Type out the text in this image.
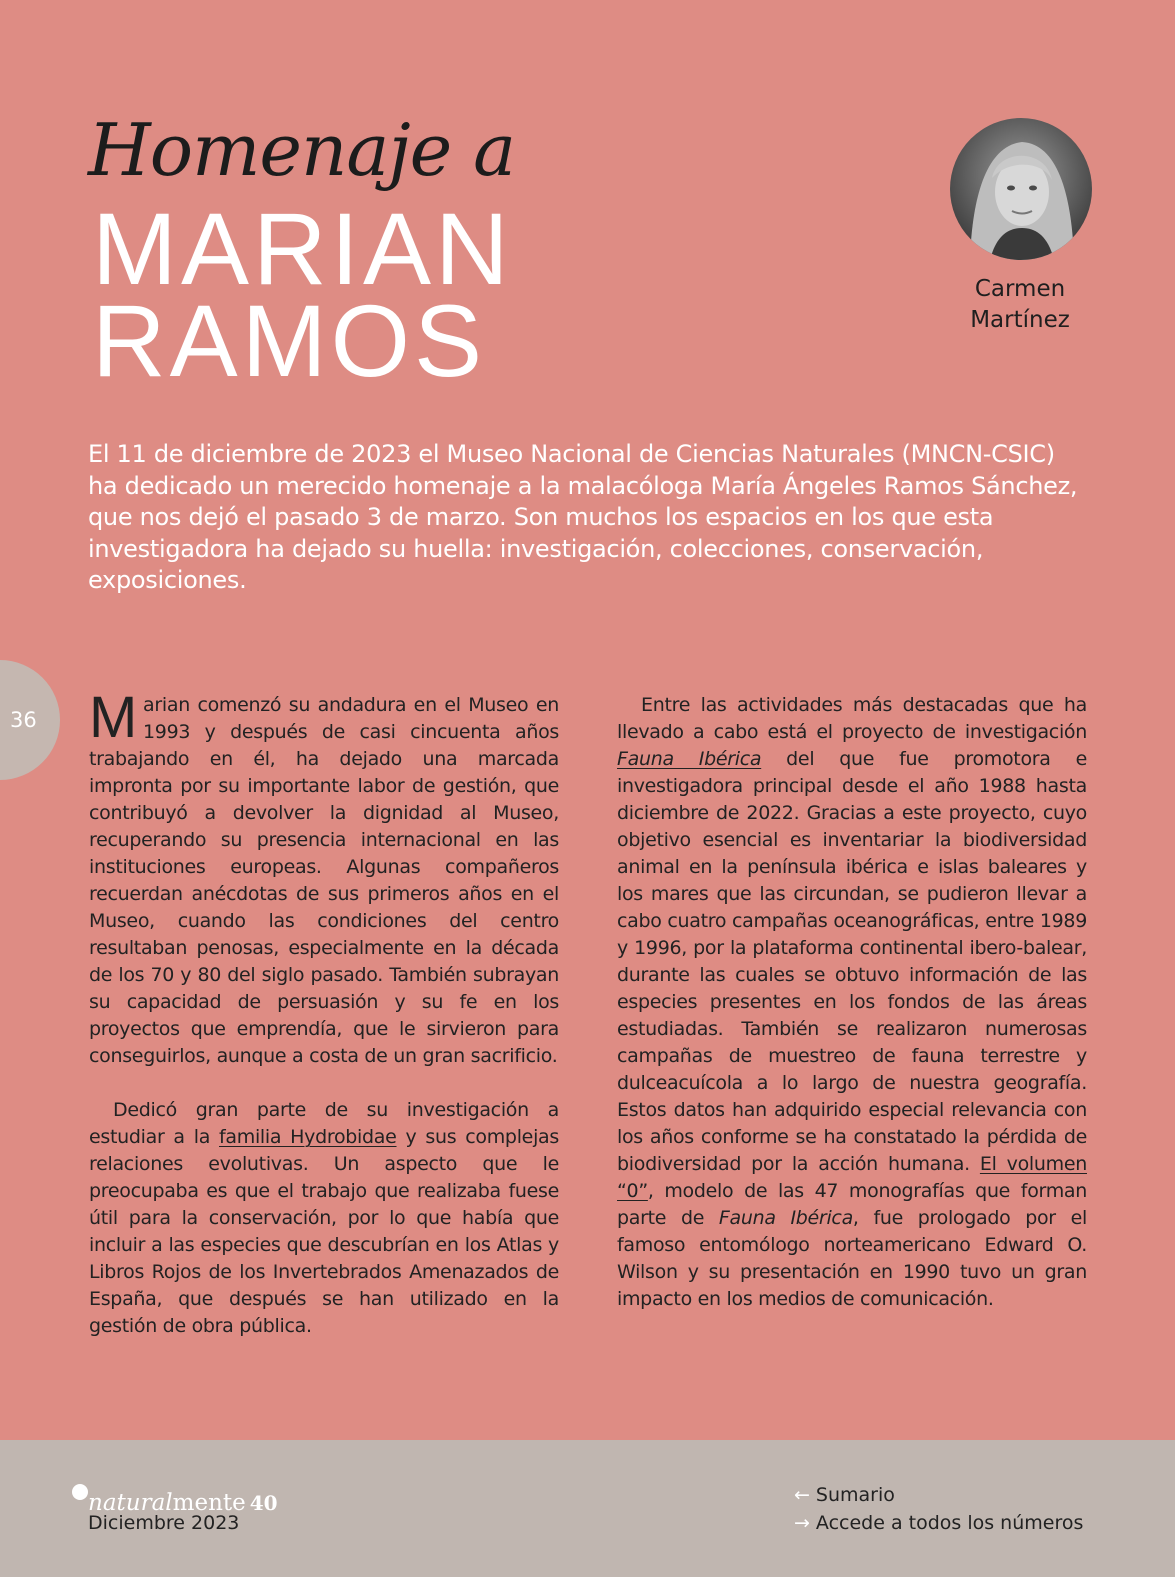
Homenaje a
MARIAN
RAMOS	Carmen
Martínez
El 11 de diciembre de 2023 el Museo Nacional de Ciencias Naturales (MNCN-CSIC) ha dedicado un merecido homenaje a la malacóloga María Ángeles Ramos Sánchez, que nos dejó el pasado 3 de marzo. Son muchos los espacios en los que esta investigadora ha dejado su huella: investigación, colecciones, conservación, exposiciones.
36 Marian comenzó su andadura en el Museo en 1993 y después de casi cincuenta años trabajando en él, ha dejado una marcada impronta por su importante labor de gestión, que contribuyó a devolver la dignidad al Museo, recuperando su presencia internacional en las instituciones europeas. Algunas compañeros recuerdan anécdotas de sus primeros años en el Museo, cuando las condiciones del centro resultaban penosas, especialmente en la década de los 70 y 80 del siglo pasado. También subrayan su capacidad de persuasión y su fe en los proyectos que emprendía, que le sirvieron para conseguirlos, aunque a costa de un gran sacrificio.

Dedicó gran parte de su investigación a estudiar a la familia Hydrobidae y sus complejas relaciones evolutivas. Un aspecto que le preocupaba es que el trabajo que realizaba fuese útil para la conservación, por lo que había que incluir a las especies que descubrían en los Atlas y Libros Rojos de los Invertebrados Amenazados de España, que después se han utilizado en la gestión de obra pública.

Entre las actividades más destacadas que ha llevado a cabo está el proyecto de investigación Fauna Ibérica del que fue promotora e investigadora principal desde el año 1988 hasta diciembre de 2022. Gracias a este proyecto, cuyo objetivo esencial es inventariar la biodiversidad animal en la península ibérica e islas baleares y los mares que las circundan, se pudieron llevar a cabo cuatro campañas oceanográficas, entre 1989 y 1996, por la plataforma continental ibero-balear, durante las cuales se obtuvo información de las especies presentes en los fondos de las áreas estudiadas. También se realizaron numerosas campañas de muestreo de fauna terrestre y dulceacuícola a lo largo de nuestra geografía. Estos datos han adquirido especial relevancia con los años conforme se ha constatado la pérdida de biodiversidad por la acción humana. El volumen “0”, modelo de las 47 monografías que forman parte de Fauna Ibérica, fue prologado por el famoso entomólogo norteamericano Edward O. Wilson y su presentación en 1990 tuvo un gran impacto en los medios de comunicación.

naturalmente 40
Diciembre 2023
← Sumario
→ Accede a todos los números
